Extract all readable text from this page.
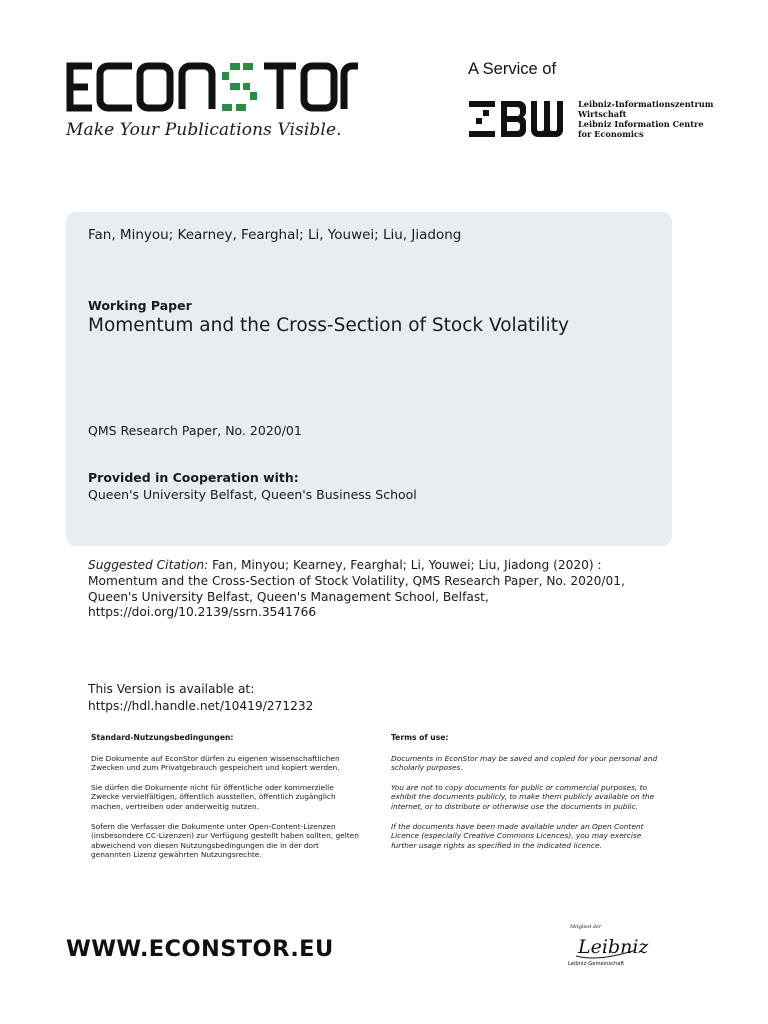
Make Your Publications Visible.
A Service of
Leibniz-Informationszentrum
Wirtschaft
Leibniz Information Centre
for Economics
Fan, Minyou; Kearney, Fearghal; Li, Youwei; Liu, Jiadong
Working Paper
Momentum and the Cross-Section of Stock Volatility
QMS Research Paper, No. 2020/01
Provided in Cooperation with:
Queen's University Belfast, Queen's Business School
Suggested Citation: Fan, Minyou; Kearney, Fearghal; Li, Youwei; Liu, Jiadong (2020) : Momentum and the Cross-Section of Stock Volatility, QMS Research Paper, No. 2020/01, Queen's University Belfast, Queen's Management School, Belfast,
https://doi.org/10.2139/ssrn.3541766
This Version is available at:
https://hdl.handle.net/10419/271232
Standard-Nutzungsbedingungen:

Die Dokumente auf EconStor dürfen zu eigenen wissenschaftlichen Zwecken und zum Privatgebrauch gespeichert und kopiert werden.

Sie dürfen die Dokumente nicht für öffentliche oder kommerzielle Zwecke vervielfältigen, öffentlich ausstellen, öffentlich zugänglich machen, vertreiben oder anderweitig nutzen.

Sofern die Verfasser die Dokumente unter Open-Content-Lizenzen (insbesondere CC-Lizenzen) zur Verfügung gestellt haben sollten, gelten abweichend von diesen Nutzungsbedingungen die in der dort genannten Lizenz gewährten Nutzungsrechte.

Terms of use:

Documents in EconStor may be saved and copied for your personal and scholarly purposes.

You are not to copy documents for public or commercial purposes, to exhibit the documents publicly, to make them publicly available on the internet, or to distribute or otherwise use the documents in public.

If the documents have been made available under an Open Content Licence (especially Creative Commons Licences), you may exercise further usage rights as specified in the indicated licence.

WWW.ECONSTOR.EU
Mitglied der
Leibniz
Leibniz-Gemeinschaft
